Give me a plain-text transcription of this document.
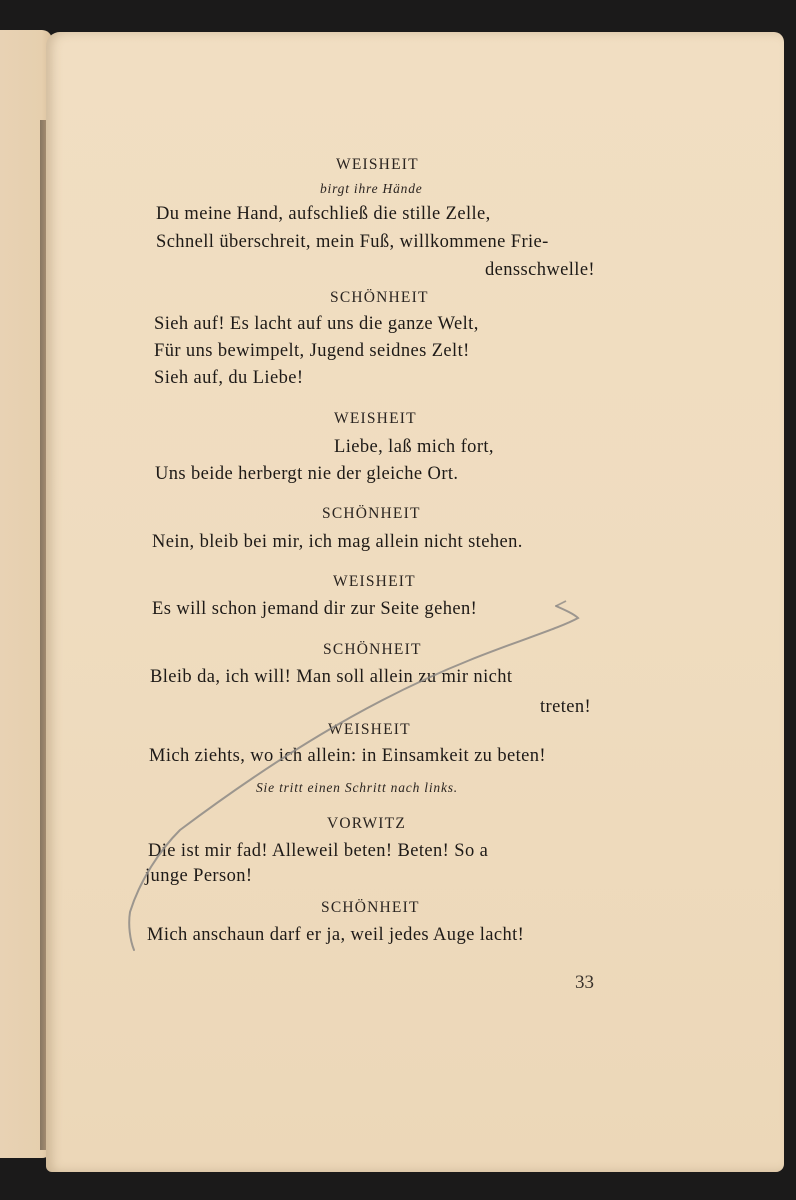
WEISHEIT

birgt ihre Hände

Du meine Hand, aufschließ die stille Zelle,

Schnell überschreit, mein Fuß, willkommene Frie-

densschwelle!

SCHÖNHEIT

Sieh auf! Es lacht auf uns die ganze Welt,

Für uns bewimpelt, Jugend seidnes Zelt!

Sieh auf, du Liebe!

WEISHEIT

Liebe, laß mich fort,

Uns beide herbergt nie der gleiche Ort.

SCHÖNHEIT

Nein, bleib bei mir, ich mag allein nicht stehen.

WEISHEIT

Es will schon jemand dir zur Seite gehen!

SCHÖNHEIT

Bleib da, ich will! Man soll allein zu mir nicht

treten!

WEISHEIT

Mich ziehts, wo ich allein: in Einsamkeit zu beten!

Sie tritt einen Schritt nach links.

VORWITZ

Die ist mir fad! Alleweil beten! Beten! So a

junge Person!

SCHÖNHEIT

Mich anschaun darf er ja, weil jedes Auge lacht!

33
